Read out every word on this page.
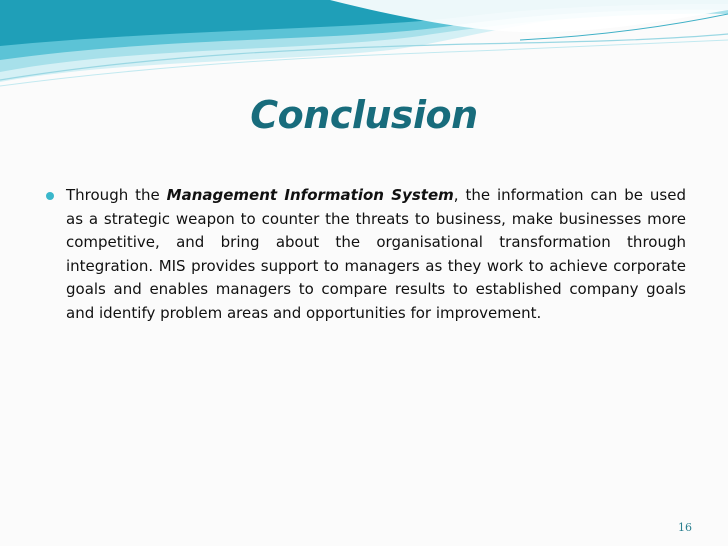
Conclusion

Through the Management Information System, the information can be used as a strategic weapon to counter the threats to business, make businesses more competitive, and bring about the organisational transformation through integration. MIS provides support to managers as they work to achieve corporate goals and enables managers to compare results to established company goals and identify problem areas and opportunities for improvement.

16
